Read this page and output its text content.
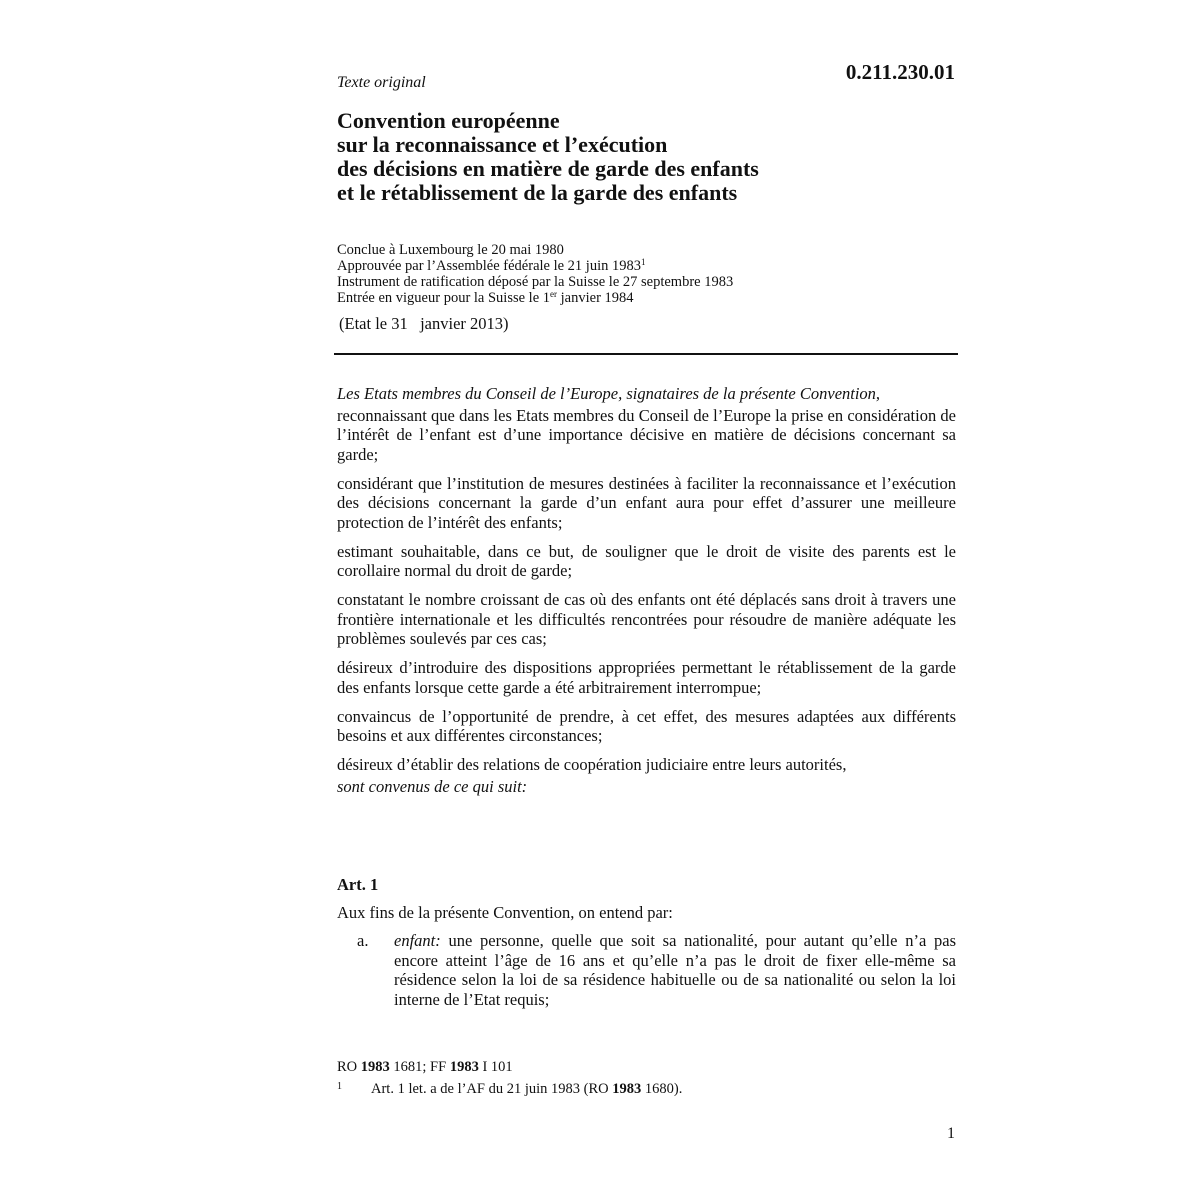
0.211.230.01
Texte original
Convention européenne
sur la reconnaissance et l’exécution
des décisions en matière de garde des enfants
et le rétablissement de la garde des enfants
Conclue à Luxembourg le 20 mai 1980
Approuvée par l’Assemblée fédérale le 21 juin 1983$^1$
Instrument de ratification déposé par la Suisse le 27 septembre 1983
Entrée en vigueur pour la Suisse le 1er janvier 1984
(Etat le 31   janvier 2013)

Les Etats membres du Conseil de l’Europe, signataires de la présente Convention,

reconnaissant que dans les Etats membres du Conseil de l’Europe la prise en considération de l’intérêt de l’enfant est d’une importance décisive en matière de décisions concernant sa garde;

considérant que l’institution de mesures destinées à faciliter la reconnaissance et l’exécution des décisions concernant la garde d’un enfant aura pour effet d’assurer une meilleure protection de l’intérêt des enfants;

estimant souhaitable, dans ce but, de souligner que le droit de visite des parents est le corollaire normal du droit de garde;

constatant le nombre croissant de cas où des enfants ont été déplacés sans droit à travers une frontière internationale et les difficultés rencontrées pour résoudre de manière adéquate les problèmes soulevés par ces cas;

désireux d’introduire des dispositions appropriées permettant le rétablissement de la garde des enfants lorsque cette garde a été arbitrairement interrompue;

convaincus de l’opportunité de prendre, à cet effet, des mesures adaptées aux différents besoins et aux différentes circonstances;

désireux d’établir des relations de coopération judiciaire entre leurs autorités,

sont convenus de ce qui suit:

Art. 1
Aux fins de la présente Convention, on entend par:
a. enfant: une personne, quelle que soit sa nationalité, pour autant qu’elle n’a pas encore atteint l’âge de 16 ans et qu’elle n’a pas le droit de fixer elle-même sa résidence selon la loi de sa résidence habituelle ou de sa nationalité ou selon la loi interne de l’Etat requis;
RO 1983 1681; FF 1983 I 101
1 Art. 1 let. a de l’AF du 21 juin 1983 (RO 1983 1680).
1
